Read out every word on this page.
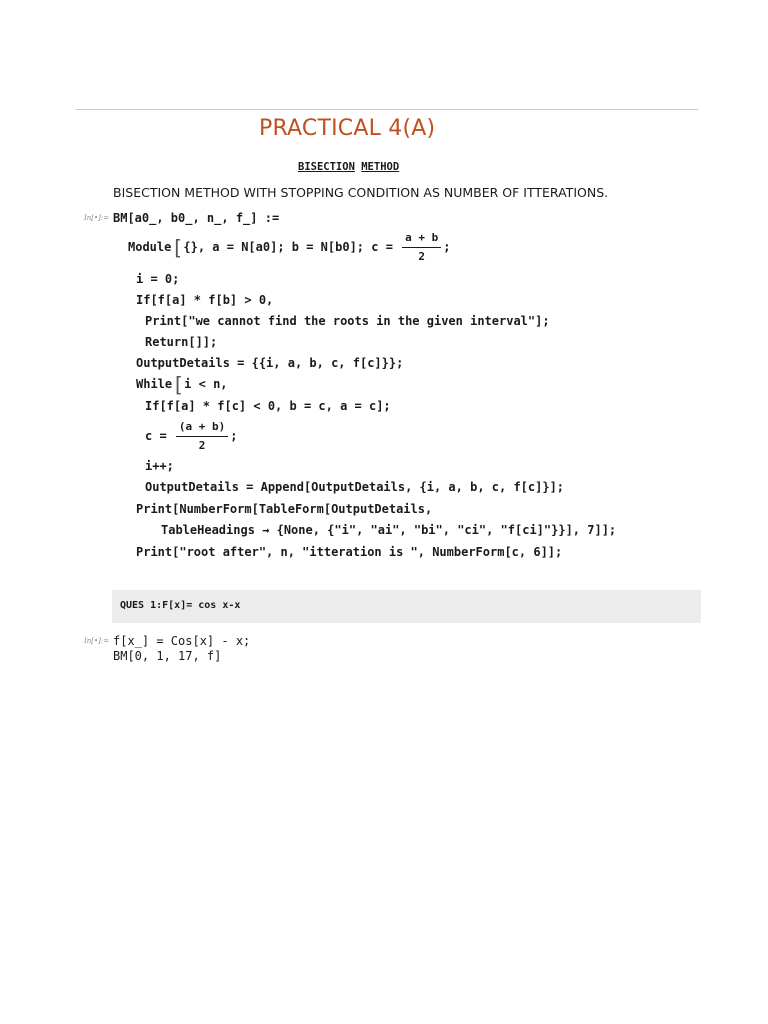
PRACTICAL 4(A)
BISECTION METHOD
BISECTION METHOD WITH STOPPING CONDITION AS NUMBER OF ITTERATIONS.
In[•]:= BM[a0_, b0_, n_, f_] :=
Module[{}, a = N[a0]; b = N[b0]; $c = \frac{a + b}{2}$ ;
i = 0;
If[f[a] * f[b] > 0,
Print["we cannot find the roots in the given interval"];
Return[]];
OutputDetails = {{i, a, b, c, f[c]}};
While[i < n,
If[f[a] * f[c] < 0, b = c, a = c];
$c = \frac{(a + b)}{2}$ ;
i++;
OutputDetails = Append[OutputDetails, {i, a, b, c, f[c]}];
Print[NumberForm[TableForm[OutputDetails,
TableHeadings → {None, {"i", "ai", "bi", "ci", "f[ci]"}}], 7]];
Print["root after", n, "itteration is ", NumberForm[c, 6]];
QUES 1:F[x]= cos x-x
In[•]:= f[x_] = Cos[x] - x;
BM[0, 1, 17, f]
